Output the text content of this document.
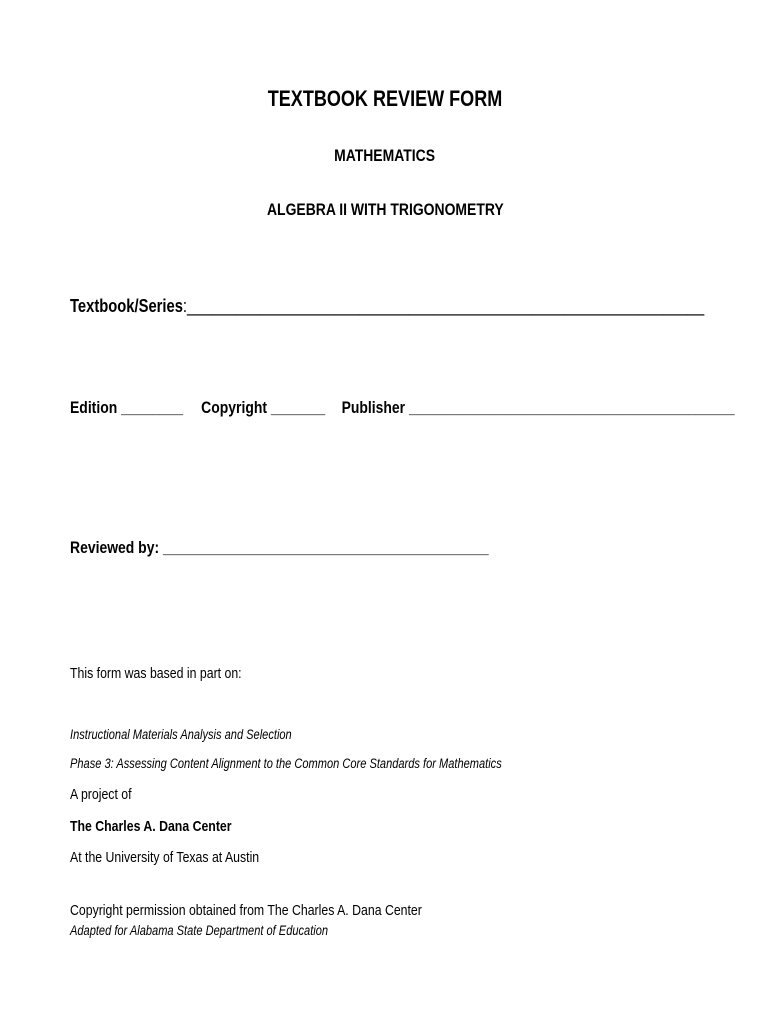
TEXTBOOK REVIEW FORM
MATHEMATICS
ALGEBRA II WITH TRIGONOMETRY
Textbook/Series:_______________________________________________________________
Edition ________ Copyright _______ Publisher __________________________________________
Reviewed by: __________________________________________
This form was based in part on:
Instructional Materials Analysis and Selection
Phase 3: Assessing Content Alignment to the Common Core Standards for Mathematics
A project of
The Charles A. Dana Center
At the University of Texas at Austin
Copyright permission obtained from The Charles A. Dana Center
Adapted for Alabama State Department of Education
